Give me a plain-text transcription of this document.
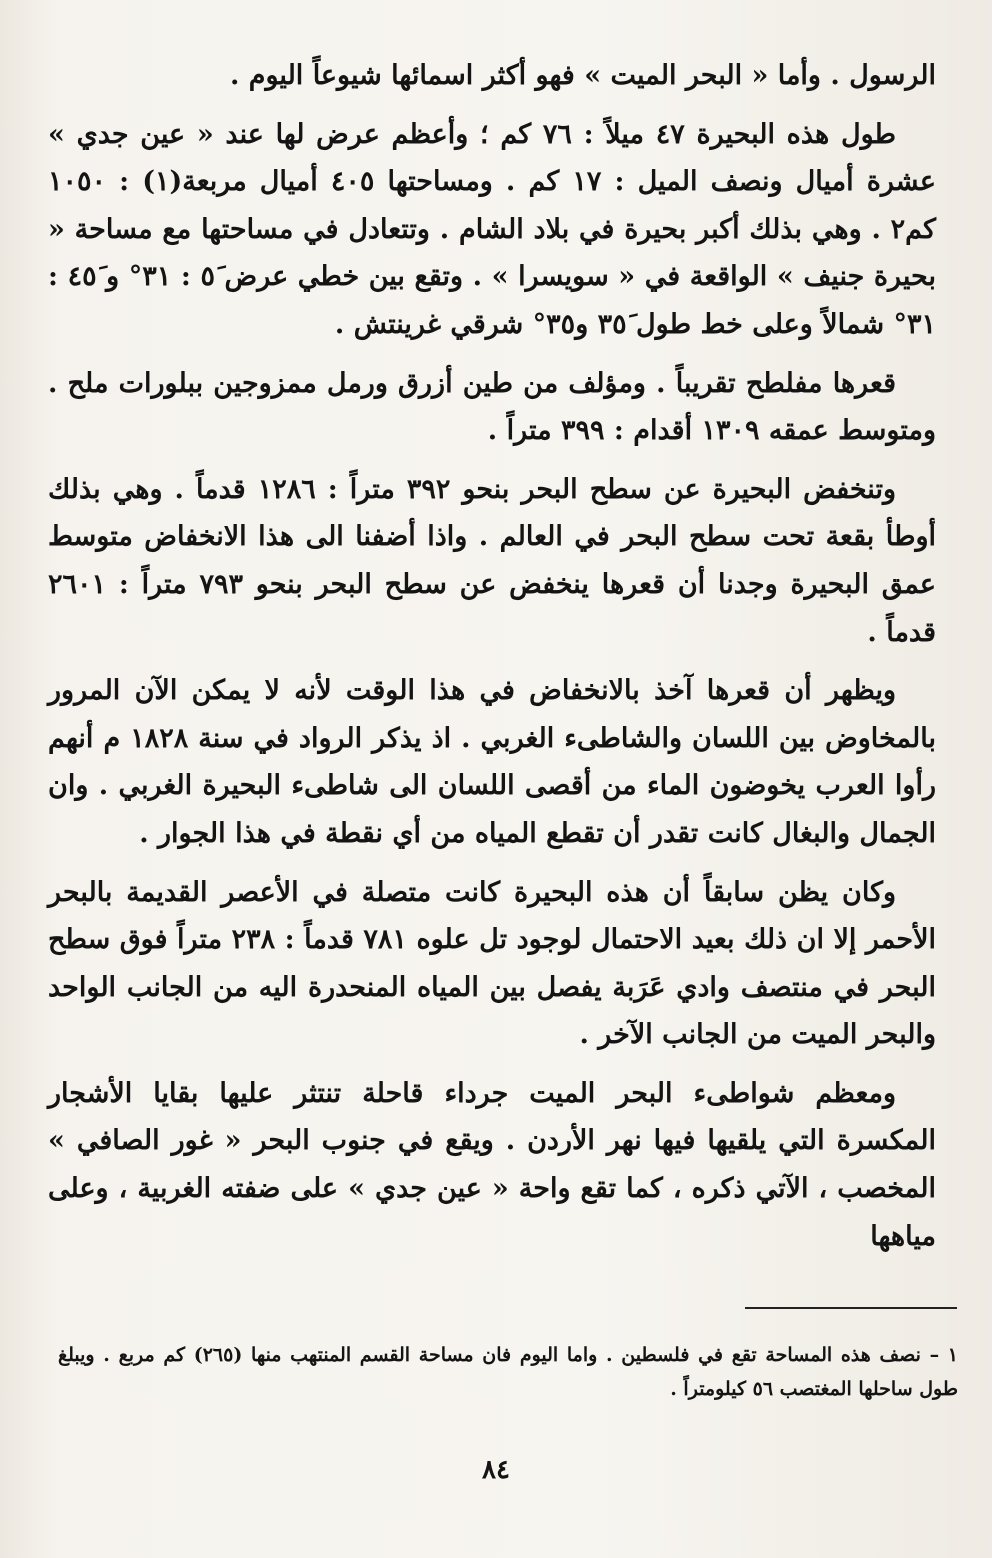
الرسول . وأما « البحر الميت » فهو أكثر اسمائها شيوعاً اليوم .

طول هذه البحيرة ٤٧ ميلاً : ٧٦ كم ؛ وأعظم عرض لها عند « عين جدي » عشرة أميال ونصف الميل : ١٧ كم . ومساحتها ٤٠٥ أميال مربعة(١) : ١٠٥٠ كم٢ . وهي بذلك أكبر بحيرة في بلاد الشام . وتتعادل في مساحتها مع مساحة « بحيرة جنيف » الواقعة في « سويسرا » . وتقع بين خطي عرض ٥َ : ٣١° و ٤٥َ : ٣١° شمالاً وعلى خط طول ٣٥َ و٣٥° شرقي غرينتش .

قعرها مفلطح تقريباً . ومؤلف من طين أزرق ورمل ممزوجين ببلورات ملح . ومتوسط عمقه ١٣٠٩ أقدام : ٣٩٩ متراً .

وتنخفض البحيرة عن سطح البحر بنحو ٣٩٢ متراً : ١٢٨٦ قدماً . وهي بذلك أوطأ بقعة تحت سطح البحر في العالم . واذا أضفنا الى هذا الانخفاض متوسط عمق البحيرة وجدنا أن قعرها ينخفض عن سطح البحر بنحو ٧٩٣ متراً : ٢٦٠١ قدماً .

ويظهر أن قعرها آخذ بالانخفاض في هذا الوقت لأنه لا يمكن الآن المرور بالمخاوض بين اللسان والشاطىء الغربي . اذ يذكر الرواد في سنة ١٨٢٨ م أنهم رأوا العرب يخوضون الماء من أقصى اللسان الى شاطىء البحيرة الغربي . وان الجمال والبغال كانت تقدر أن تقطع المياه من أي نقطة في هذا الجوار .

وكان يظن سابقاً أن هذه البحيرة كانت متصلة في الأعصر القديمة بالبحر الأحمر إلا ان ذلك بعيد الاحتمال لوجود تل علوه ٧٨١ قدماً : ٢٣٨ متراً فوق سطح البحر في منتصف وادي عَرَبة يفصل بين المياه المنحدرة اليه من الجانب الواحد والبحر الميت من الجانب الآخر .

ومعظم شواطىء البحر الميت جرداء قاحلة تنتثر عليها بقايا الأشجار المكسرة التي يلقيها فيها نهر الأردن . ويقع في جنوب البحر « غور الصافي » المخصب ، الآتي ذكره ، كما تقع واحة « عين جدي » على ضفته الغربية ، وعلى مياهها

١ – نصف هذه المساحة تقع في فلسطين . واما اليوم فان مساحة القسم المنتهب منها (٢٦٥) كم مربع . ويبلغ طول ساحلها المغتصب ٥٦ كيلومتراً .

٨٤
